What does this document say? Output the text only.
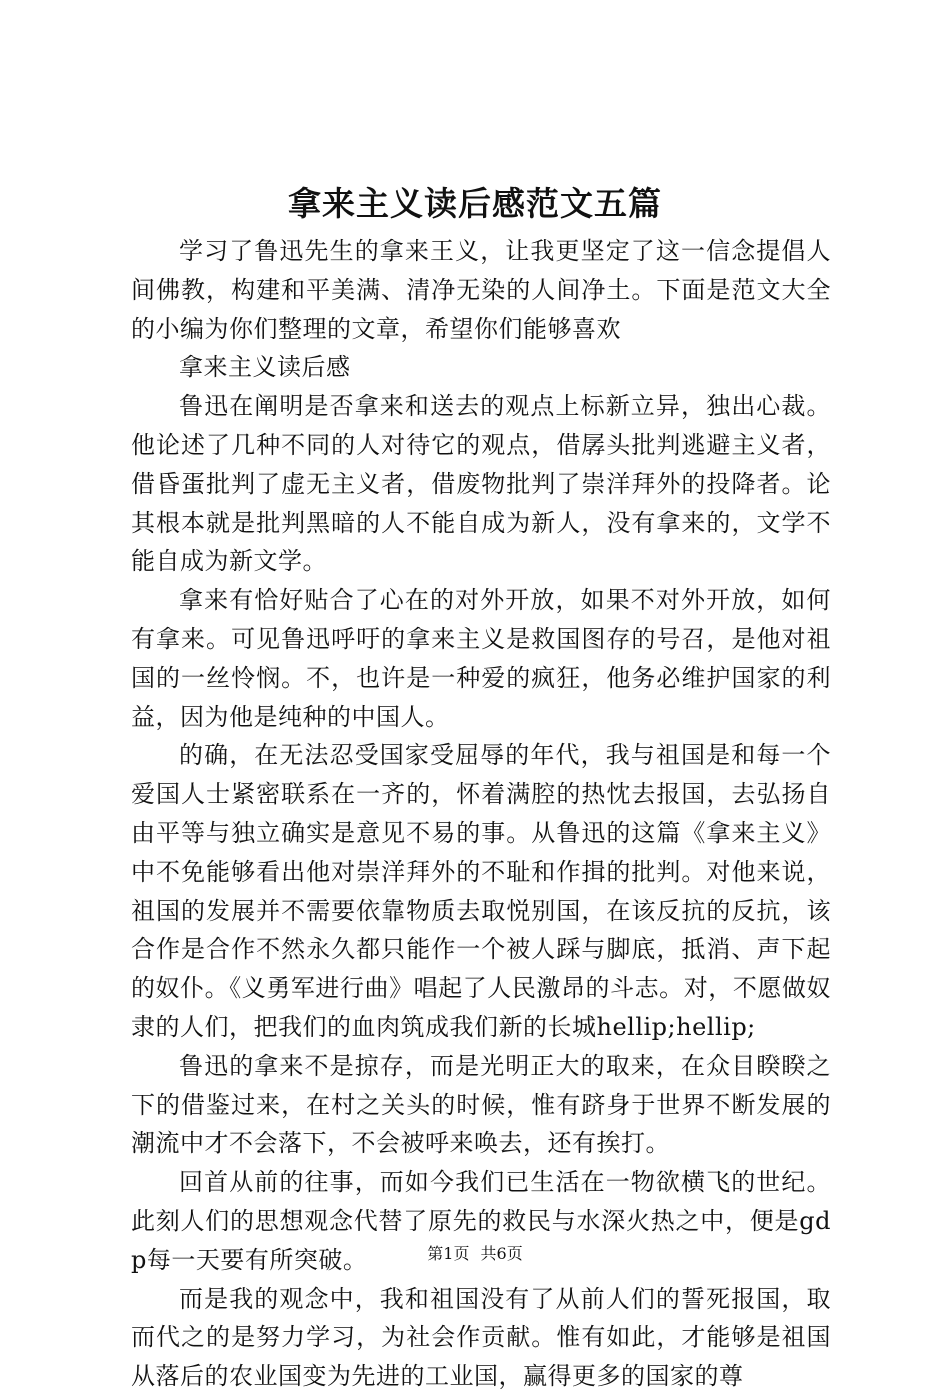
拿来主义读后感范文五篇

学习了鲁迅先生的拿来王义，让我更坚定了这一信念提倡人间佛教，构建和平美满、清净无染的人间净土。下面是范文大全的小编为你们整理的文章，希望你们能够喜欢

拿来主义读后感

鲁迅在阐明是否拿来和送去的观点上标新立异，独出心裁。他论述了几种不同的人对待它的观点，借孱头批判逃避主义者，借昏蛋批判了虚无主义者，借废物批判了崇洋拜外的投降者。论其根本就是批判黑暗的人不能自成为新人，没有拿来的，文学不能自成为新文学。

拿来有恰好贴合了心在的对外开放，如果不对外开放，如何有拿来。可见鲁迅呼吁的拿来主义是救国图存的号召，是他对祖国的一丝怜悯。不，也许是一种爱的疯狂，他务必维护国家的利益，因为他是纯种的中国人。

的确，在无法忍受国家受屈辱的年代，我与祖国是和每一个爱国人士紧密联系在一齐的，怀着满腔的热忱去报国，去弘扬自由平等与独立确实是意见不易的事。从鲁迅的这篇《拿来主义》中不免能够看出他对崇洋拜外的不耻和作揖的批判。对他来说，祖国的发展并不需要依靠物质去取悦别国，在该反抗的反抗，该合作是合作不然永久都只能作一个被人踩与脚底，抵消、声下起的奴仆。《义勇军进行曲》唱起了人民激昂的斗志。对，不愿做奴隶的人们，把我们的血肉筑成我们新的长城hellip;hellip;

鲁迅的拿来不是掠存，而是光明正大的取来，在众目睽睽之下的借鉴过来，在村之关头的时候，惟有跻身于世界不断发展的潮流中才不会落下，不会被呼来唤去，还有挨打。

回首从前的往事，而如今我们已生活在一物欲横飞的世纪。此刻人们的思想观念代替了原先的救民与水深火热之中，便是gdp每一天要有所突破。

而是我的观念中，我和祖国没有了从前人们的誓死报国，取而代之的是努力学习，为社会作贡献。惟有如此，才能够是祖国从落后的农业国变为先进的工业国，赢得更多的国家的尊

第1页 共6页
